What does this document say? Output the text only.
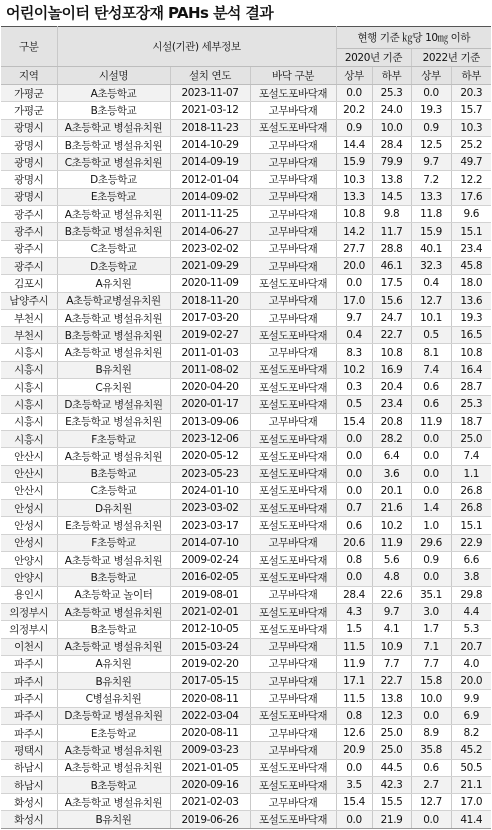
어린이놀이터 탄성포장재 PAHs 분석 결과
구분	시설(기관) 세부정보			현행 기준 ㎏당 10㎎ 이하			
				2020년 기준		2022년 기준	
지역	시설명	설치 연도	바닥 구분	상부	하부	상부	하부
가평군	A초등학교	2023-11-07	포설도포바닥재	0.0	25.3	0.0	20.3
가평군	B초등학교	2021-03-12	고무바닥재	20.2	24.0	19.3	15.7
광명시	A초등학교 병설유치원	2018-11-23	포설도포바닥재	0.9	10.0	0.9	10.3
광명시	B초등학교 병설유치원	2014-10-29	고무바닥재	14.4	28.4	12.5	25.2
광명시	C초등학교 병설유치원	2014-09-19	고무바닥재	15.9	79.9	9.7	49.7
광명시	D초등학교	2012-01-04	고무바닥재	10.3	13.8	7.2	12.2
광명시	E초등학교	2014-09-02	고무바닥재	13.3	14.5	13.3	17.6
광주시	A초등학교 병설유치원	2011-11-25	고무바닥재	10.8	9.8	11.8	9.6
광주시	B초등학교 병설유치원	2014-06-27	고무바닥재	14.2	11.7	15.9	15.1
광주시	C초등학교	2023-02-02	고무바닥재	27.7	28.8	40.1	23.4
광주시	D초등학교	2021-09-29	고무바닥재	20.0	46.1	32.3	45.8
김포시	A유치원	2020-11-09	포설도포바닥재	0.0	17.5	0.4	18.0
남양주시	A초등학교병설유치원	2018-11-20	고무바닥재	17.0	15.6	12.7	13.6
부천시	A초등학교 병설유치원	2017-03-20	고무바닥재	9.7	24.7	10.1	19.3
부천시	B초등학교 병설유치원	2019-02-27	포설도포바닥재	0.4	22.7	0.5	16.5
시흥시	A초등학교 병설유치원	2011-01-03	고무바닥재	8.3	10.8	8.1	10.8
시흥시	B유치원	2011-08-02	포설도포바닥재	10.2	16.9	7.4	16.4
시흥시	C유치원	2020-04-20	포설도포바닥재	0.3	20.4	0.6	28.7
시흥시	D초등학교 병설유치원	2020-01-17	포설도포바닥재	0.5	23.4	0.6	25.3
시흥시	E초등학교 병설유치원	2013-09-06	고무바닥재	15.4	20.8	11.9	18.7
시흥시	F초등학교	2023-12-06	포설도포바닥재	0.0	28.2	0.0	25.0
안산시	A초등학교 병설유치원	2020-05-12	포설도포바닥재	0.0	6.4	0.0	7.4
안산시	B초등학교	2023-05-23	포설도포바닥재	0.0	3.6	0.0	1.1
안산시	C초등학교	2024-01-10	포설도포바닥재	0.0	20.1	0.0	26.8
안성시	D유치원	2023-03-02	포설도포바닥재	0.7	21.6	1.4	26.8
안성시	E초등학교 병설유치원	2023-03-17	포설도포바닥재	0.6	10.2	1.0	15.1
안성시	F초등학교	2014-07-10	고무바닥재	20.6	11.9	29.6	22.9
안양시	A초등학교 병설유치원	2009-02-24	포설도포바닥재	0.8	5.6	0.9	6.6
안양시	B초등학교	2016-02-05	포설도포바닥재	0.0	4.8	0.0	3.8
용인시	A초등학교 놀이터	2019-08-01	고무바닥재	28.4	22.6	35.1	29.8
의정부시	A초등학교 병설유치원	2021-02-01	포설도포바닥재	4.3	9.7	3.0	4.4
의정부시	B초등학교	2012-10-05	포설도포바닥재	1.5	4.1	1.7	5.3
이천시	A초등학교 병설유치원	2015-03-24	고무바닥재	11.5	10.9	7.1	20.7
파주시	A유치원	2019-02-20	고무바닥재	11.9	7.7	7.7	4.0
파주시	B유치원	2017-05-15	고무바닥재	17.1	22.7	15.8	20.0
파주시	C병설유치원	2020-08-11	고무바닥재	11.5	13.8	10.0	9.9
파주시	D초등학교 병설유치원	2022-03-04	포설도포바닥재	0.8	12.3	0.0	6.9
파주시	E초등학교	2020-08-11	고무바닥재	12.6	25.0	8.9	8.2
평택시	A초등학교 병설유치원	2009-03-23	고무바닥재	20.9	25.0	35.8	45.2
하남시	A초등학교 병설유치원	2021-01-05	포설도포바닥재	0.0	44.5	0.6	50.5
하남시	B초등학교	2020-09-16	포설도포바닥재	3.5	42.3	2.7	21.1
화성시	A초등학교 병설유치원	2021-02-03	고무바닥재	15.4	15.5	12.7	17.0
화성시	B유치원	2019-06-26	포설도포바닥재	0.0	21.9	0.0	41.4
